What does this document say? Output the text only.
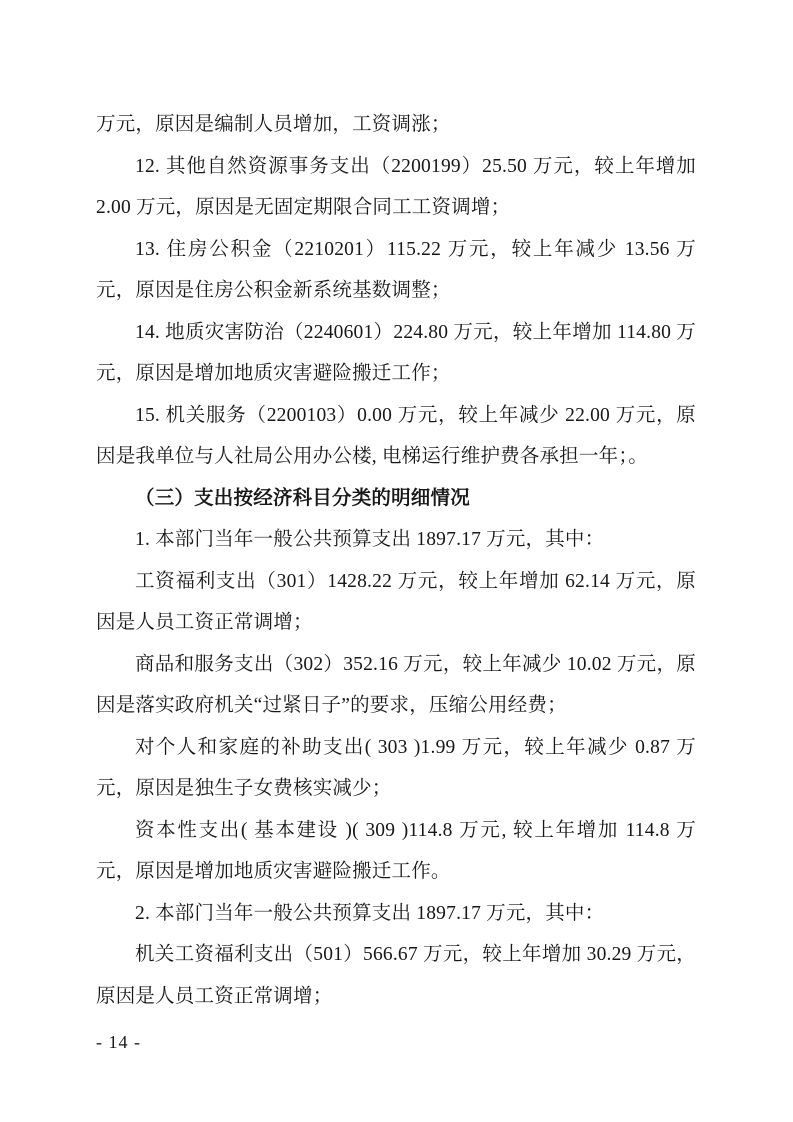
万元，原因是编制人员增加，工资调涨；

12. 其他自然资源事务支出（2200199）25.50 万元，较上年增加 2.00 万元，原因是无固定期限合同工工资调增；

13. 住房公积金（2210201）115.22 万元，较上年减少 13.56 万元，原因是住房公积金新系统基数调整；

14. 地质灾害防治（2240601）224.80 万元，较上年增加 114.80 万元，原因是增加地质灾害避险搬迁工作；

15. 机关服务（2200103）0.00 万元，较上年减少 22.00 万元，原因是我单位与人社局公用办公楼, 电梯运行维护费各承担一年；。

（三）支出按经济科目分类的明细情况

1. 本部门当年一般公共预算支出 1897.17 万元，其中：

工资福利支出（301）1428.22 万元，较上年增加 62.14 万元，原因是人员工资正常调增；

商品和服务支出（302）352.16 万元，较上年减少 10.02 万元，原因是落实政府机关“过紧日子”的要求，压缩公用经费；

对个人和家庭的补助支出( 303 )1.99 万元，较上年减少 0.87 万元，原因是独生子女费核实减少；

资本性支出( 基本建设 )( 309 )114.8 万元, 较上年增加 114.8 万元，原因是增加地质灾害避险搬迁工作。

2. 本部门当年一般公共预算支出 1897.17 万元，其中：

机关工资福利支出（501）566.67 万元，较上年增加 30.29 万元，原因是人员工资正常调增；

- 14 -
